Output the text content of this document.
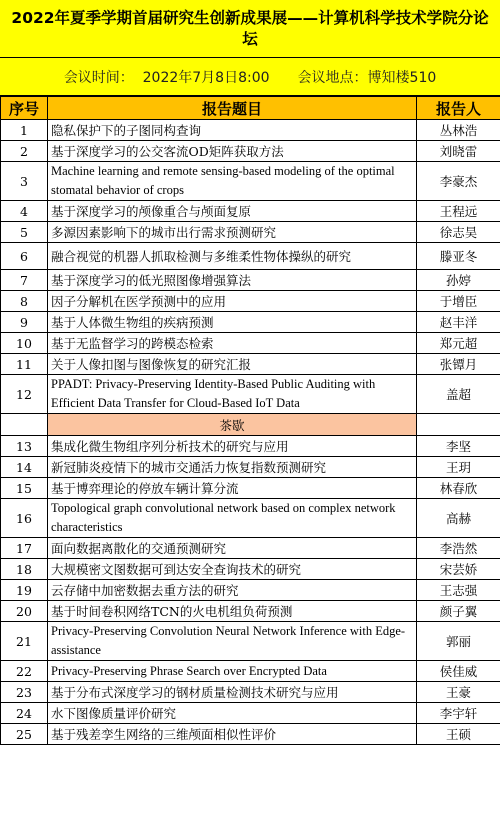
2022年夏季学期首届研究生创新成果展——计算机科学技术学院分论坛
会议时间： 2022年7月8日8:00 会议地点：博知楼510
序号	报告题目	报告人
1	隐私保护下的子图同构查询	丛林浩
2	基于深度学习的公交客流OD矩阵获取方法	刘晓雷
3	Machine learning and remote sensing-based modeling of the optimal stomatal behavior of crops	李豪杰
4	基于深度学习的颅像重合与颅面复原	王程远
5	多源因素影响下的城市出行需求预测研究	徐志昊
6	融合视觉的机器人抓取检测与多维柔性物体操纵的研究	滕亚冬
7	基于深度学习的低光照图像增强算法	孙婷
8	因子分解机在医学预测中的应用	于增臣
9	基于人体微生物组的疾病预测	赵丰洋
10	基于无监督学习的跨模态检索	郑元超
11	关于人像扣图与图像恢复的研究汇报	张镡月
12	PPADT: Privacy-Preserving Identity-Based Public Auditing with Efficient Data Transfer for Cloud-Based IoT Data	盖超
	茶歇	
13	集成化微生物组序列分析技术的研究与应用	李坚
14	新冠肺炎疫情下的城市交通活力恢复指数预测研究	王玥
15	基于博弈理论的停放车辆计算分流	林春欣
16	Topological graph convolutional network based on complex network characteristics	高赫
17	面向数据离散化的交通预测研究	李浩然
18	大规模密文图数据可到达安全查询技术的研究	宋芸娇
19	云存储中加密数据去重方法的研究	王志强
20	基于时间卷积网络TCN的火电机组负荷预测	颜子翼
21	Privacy-Preserving Convolution Neural Network Inference with Edge-assistance	郭丽
22	Privacy-Preserving Phrase Search over Encrypted Data	侯佳威
23	基于分布式深度学习的钢材质量检测技术研究与应用	王豪
24	水下图像质量评价研究	李宇轩
25	基于残差孪生网络的三维颅面相似性评价	王硕
